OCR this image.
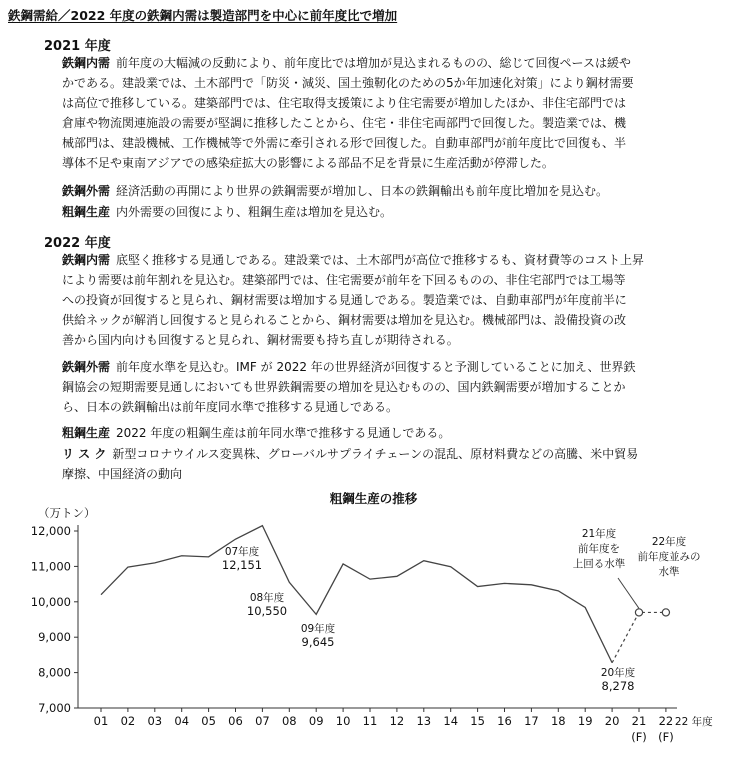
鉄鋼需給／2022 年度の鉄鋼内需は製造部門を中心に前年度比で増加
2021 年度
鉄鋼内需 前年度の大幅減の反動により、前年度比では増加が見込まれるものの、総じて回復ペースは緩や
かである。建設業では、土木部門で「防災・減災、国土強靭化のための5か年加速化対策」により鋼材需要
は高位で推移している。建築部門では、住宅取得支援策により住宅需要が増加したほか、非住宅部門では
倉庫や物流関連施設の需要が堅調に推移したことから、住宅・非住宅両部門で回復した。製造業では、機
械部門は、建設機械、工作機械等で外需に牽引される形で回復した。自動車部門が前年度比で回復も、半
導体不足や東南アジアでの感染症拡大の影響による部品不足を背景に生産活動が停滞した。
鉄鋼外需 経済活動の再開により世界の鉄鋼需要が増加し、日本の鉄鋼輸出も前年度比増加を見込む。
粗鋼生産 内外需要の回復により、粗鋼生産は増加を見込む。
2022 年度
鉄鋼内需 底堅く推移する見通しである。建設業では、土木部門が高位で推移するも、資材費等のコスト上昇
により需要は前年割れを見込む。建築部門では、住宅需要が前年を下回るものの、非住宅部門では工場等
への投資が回復すると見られ、鋼材需要は増加する見通しである。製造業では、自動車部門が年度前半に
供給ネックが解消し回復すると見られることから、鋼材需要は増加を見込む。機械部門は、設備投資の改
善から国内向けも回復すると見られ、鋼材需要も持ち直しが期待される。
鉄鋼外需 前年度水準を見込む。IMF が 2022 年の世界経済が回復すると予測していることに加え、世界鉄
鋼協会の短期需要見通しにおいても世界鉄鋼需要の増加を見込むものの、国内鉄鋼需要が増加することか
ら、日本の鉄鋼輸出は前年度同水準で推移する見通しである。
粗鋼生産 2022 年度の粗鋼生産は前年同水準で推移する見通しである。
リ ス ク 新型コロナウイルス変異株、グローバルサプライチェーンの混乱、原材料費などの高騰、米中貿易
摩擦、中国経済の動向
粗鋼生産の推移
7,000
8,000
9,000
10,000
11,000
12,000
（万トン）
01 02 03 04 05 06 07 08 09 10 11 12 13 14 15 16 17 18 19 20 21
(F)
22
(F)
22 年度
07年度
12,151
08年度
10,550
09年度
9,645
20年度
8,278
21年度
前年度を
上回る水準
22年度
前年度並みの
水準
